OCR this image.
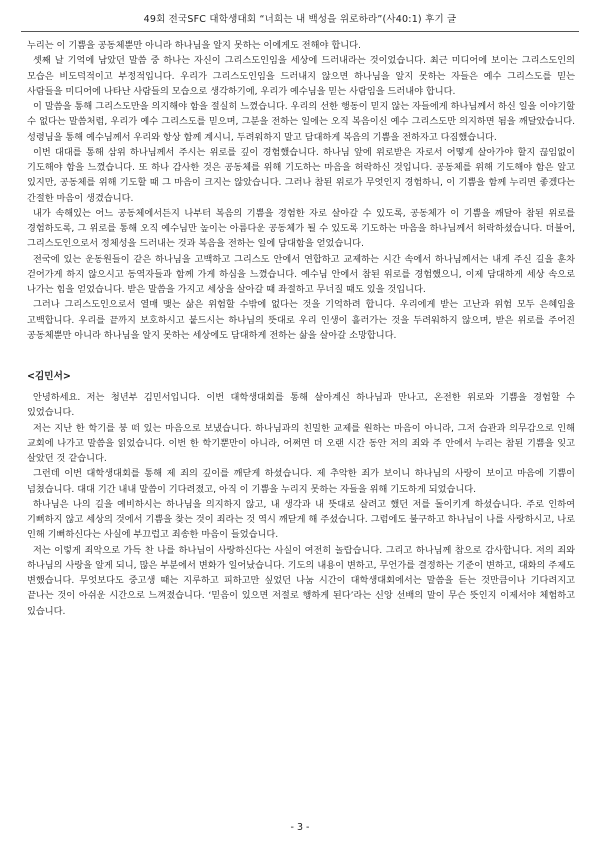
49회 전국SFC 대학생대회 “너희는 내 백성을 위로하라”(사40:1) 후기 글

누리는 이 기쁨을 공동체뿐만 아니라 하나님을 알지 못하는 이에게도 전해야 합니다.

셋째 날 기억에 남았던 말씀 중 하나는 자신이 그리스도인임을 세상에 드러내라는 것이었습니다. 최근 미디어에 보이는 그리스도인의 모습은 비도덕적이고 부정적입니다. 우리가 그리스도인임을 드러내지 않으면 하나님을 알지 못하는 자들은 예수 그리스도를 믿는 사람들을 미디어에 나타난 사람들의 모습으로 생각하기에, 우리가 예수님을 믿는 사람임을 드러내야 합니다.

이 말씀을 통해 그리스도만을 의지해야 함을 절실히 느꼈습니다. 우리의 선한 행동이 믿지 않는 자들에게 하나님께서 하신 일을 이야기할 수 없다는 말씀처럼, 우리가 예수 그리스도를 믿으며, 그분을 전하는 일에는 오직 복음이신 예수 그리스도만 의지하면 됨을 깨달았습니다. 성령님을 통해 예수님께서 우리와 항상 함께 계시니, 두려워하지 말고 담대하게 복음의 기쁨을 전하자고 다짐했습니다.

이번 대대를 통해 삼위 하나님께서 주시는 위로를 깊이 경험했습니다. 하나님 앞에 위로받은 자로서 어떻게 살아가야 할지 끊임없이 기도해야 함을 느꼈습니다. 또 하나 감사한 것은 공동체를 위해 기도하는 마음을 허락하신 것입니다. 공동체를 위해 기도해야 함은 알고 있지만, 공동체를 위해 기도할 때 그 마음이 크지는 않았습니다. 그러나 참된 위로가 무엇인지 경험하니, 이 기쁨을 함께 누리면 좋겠다는 간절한 마음이 생겼습니다.

내가 속해있는 어느 공동체에서든지 나부터 복음의 기쁨을 경험한 자로 살아갈 수 있도록, 공동체가 이 기쁨을 깨달아 참된 위로를 경험하도록, 그 위로를 통해 오직 예수님만 높이는 아름다운 공동체가 될 수 있도록 기도하는 마음을 하나님께서 허락하셨습니다. 더불어, 그리스도인으로서 정체성을 드러내는 것과 복음을 전하는 일에 담대함을 얻었습니다.

전국에 있는 운동원들이 같은 하나님을 고백하고 그리스도 안에서 연합하고 교제하는 시간 속에서 하나님께서는 내게 주신 길을 훈차 걷어가게 하지 않으시고 동역자들과 함께 가게 하심을 느꼈습니다. 예수님 안에서 참된 위로를 경험했으니, 이제 담대하게 세상 속으로 나가는 힘을 얻었습니다. 받은 말씀을 가지고 세상을 살아갈 때 좌절하고 무너질 때도 있을 것입니다.

그러나 그리스도인으로서 열매 맺는 삶은 위험할 수밖에 없다는 것을 기억하려 합니다. 우리에게 받는 고난과 위험 모두 은혜임을 고백합니다. 우리를 끝까지 보호하시고 붙드시는 하나님의 뜻대로 우리 인생이 흘러가는 것을 두려워하지 않으며, 받은 위로를 주어진 공동체뿐만 아니라 하나님을 알지 못하는 세상에도 담대하게 전하는 삶을 살아갈 소망합니다.

<김민서>

안녕하세요. 저는 청년부 김민서입니다. 이번 대학생대회를 통해 살아계신 하나님과 만나고, 온전한 위로와 기쁨을 경험할 수 있었습니다.

저는 지난 한 학기를 붕 떠 있는 마음으로 보냈습니다. 하나님과의 친밀한 교제를 원하는 마음이 아니라, 그저 습관과 의무감으로 인해 교회에 나가고 말씀을 읽었습니다. 이번 한 학기뿐만이 아니라, 어쩌면 더 오랜 시간 동안 저의 죄와 주 안에서 누리는 참된 기쁨을 잊고 살았던 것 같습니다.

그런데 이번 대학생대회를 통해 제 죄의 깊이를 깨닫게 하셨습니다. 제 추악한 죄가 보이니 하나님의 사랑이 보이고 마음에 기쁨이 넘쳤습니다. 대대 기간 내내 말씀이 기다려졌고, 아직 이 기쁨을 누리지 못하는 자들을 위해 기도하게 되었습니다.

하나님은 나의 길을 예비하시는 하나님을 의지하지 않고, 내 생각과 내 뜻대로 살려고 했던 저를 돌이키게 하셨습니다. 주로 인하여 기뻐하지 않고 세상의 것에서 기쁨을 찾는 것이 죄라는 것 역시 깨닫게 해 주셨습니다. 그럼에도 불구하고 하나님이 나를 사랑하시고, 나로 인해 기뻐하신다는 사실에 부끄럽고 죄송한 마음이 들었습니다.

저는 이렇게 죄악으로 가득 찬 나를 하나님이 사랑하신다는 사실이 여전히 놀랍습니다. 그리고 하나님께 참으로 감사합니다. 저의 죄와 하나님의 사랑을 알게 되니, 많은 부분에서 변화가 일어났습니다. 기도의 내용이 변하고, 무언가를 결정하는 기준이 변하고, 대화의 주제도 변했습니다. 무엇보다도 중고생 때는 지루하고 피하고만 싶었던 나눔 시간이 대학생대회에서는 말씀을 듣는 것만큼이나 기다려지고 끝나는 것이 아쉬운 시간으로 느껴졌습니다. ‘믿음이 있으면 저절로 행하게 된다’라는 신앙 선배의 말이 무슨 뜻인지 이제서야 체험하고 있습니다.

- 3 -
